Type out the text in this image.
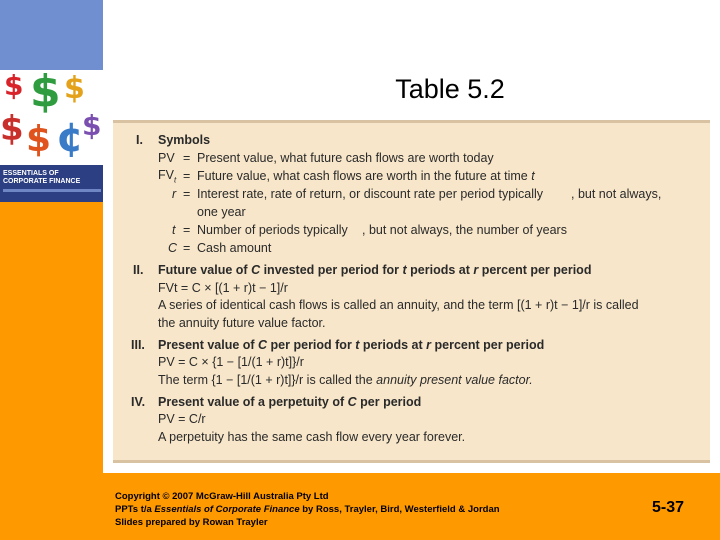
$ $ $
$ $ ¢
$
ESSENTIALS OF
CORPORATE FINANCE
Table 5.2
I. Symbols
PV = Present value, what future cash flows are worth today
$FV_t$ = Future value, what cash flows are worth in the future at time t
r = Interest rate, rate of return, or discount rate per period typically , but not always,
one year
t = Number of periods typically , but not always, the number of years
C = Cash amount
II. Future value of C invested per period for t periods at r percent per period
FVt = C × [(1 + r)t − 1]/r
A series of identical cash flows is called an annuity, and the term [(1 + r)t − 1]/r is called
the annuity future value factor.
III. Present value of C per period for t periods at r percent per period
PV = C × {1 − [1/(1 + r)t]}/r
The term {1 − [1/(1 + r)t]}/r is called the annuity present value factor.
IV. Present value of a perpetuity of C per period
PV = C/r
A perpetuity has the same cash flow every year forever.
Copyright © 2007 McGraw-Hill Australia Pty Ltd
PPTs t/a Essentials of Corporate Finance by Ross, Trayler, Bird, Westerfield & Jordan
Slides prepared by Rowan Trayler
5-37
